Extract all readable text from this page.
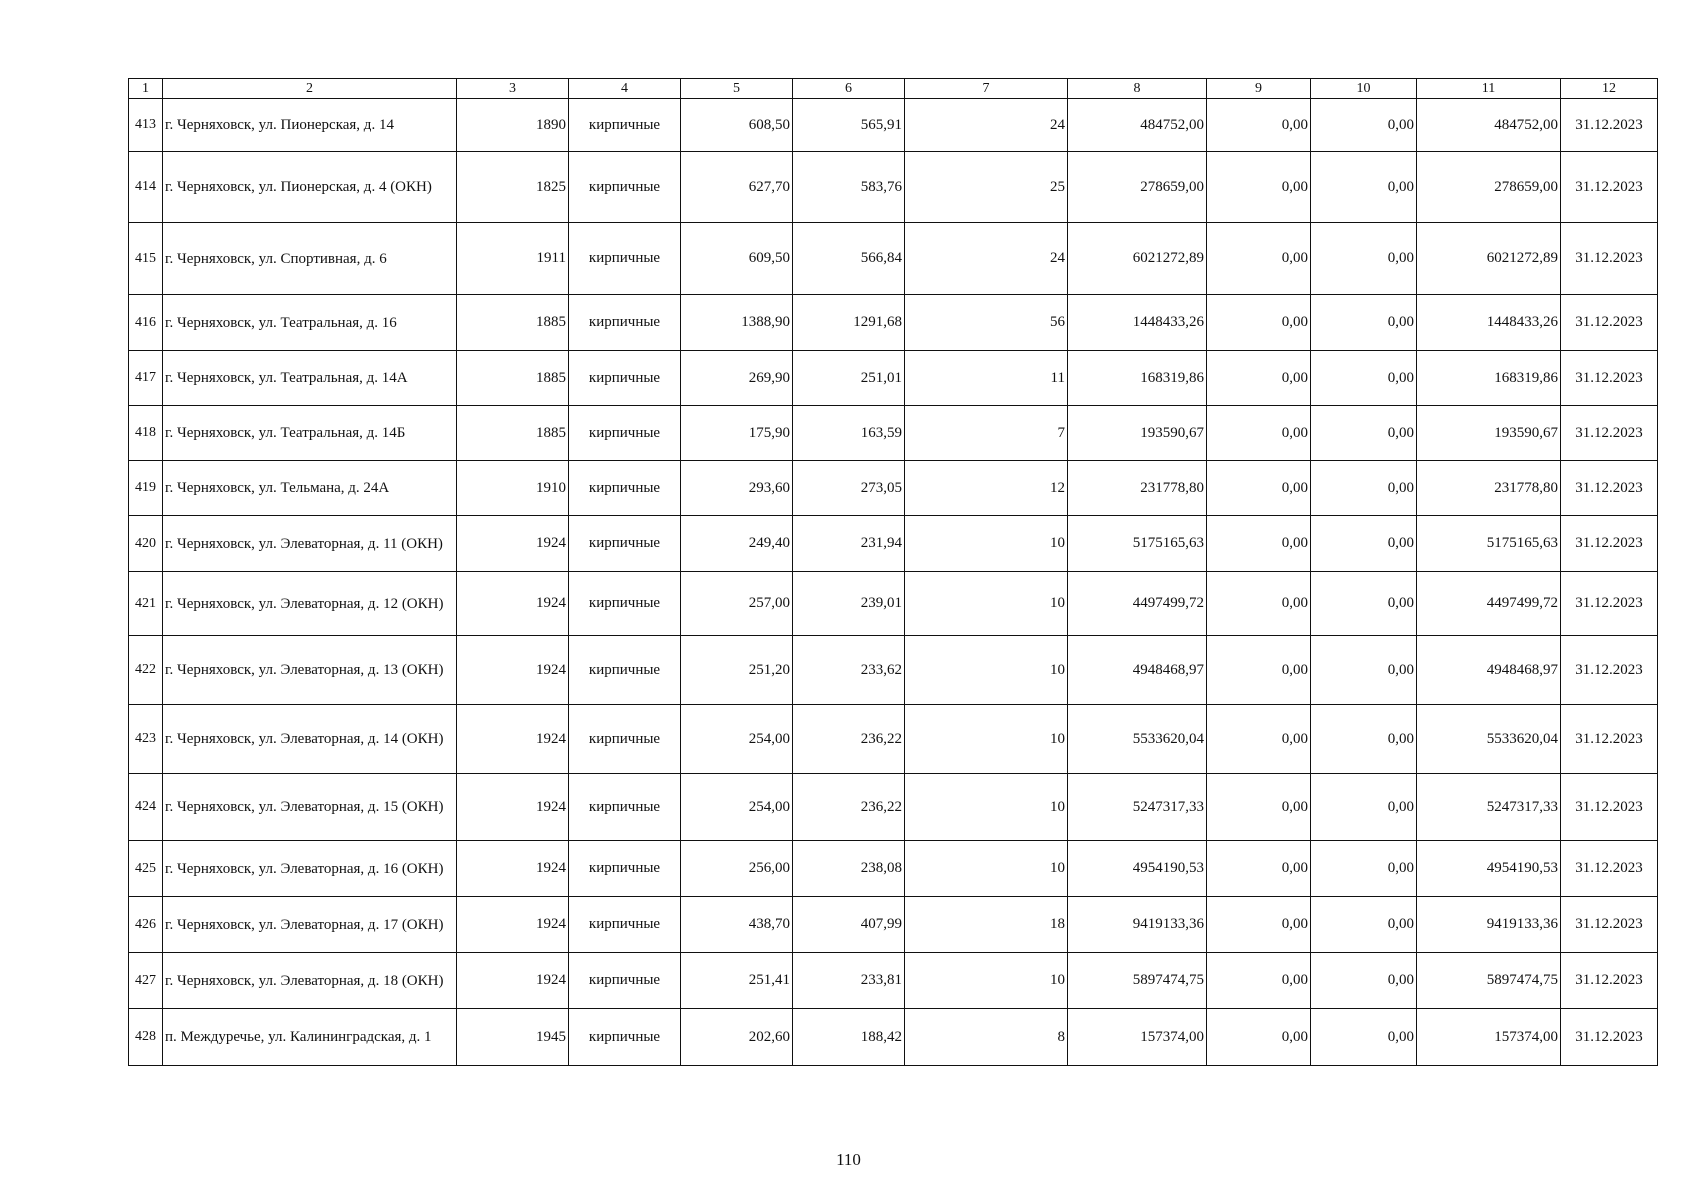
1	2	3	4	5	6	7	8	9	10	11	12
413	г. Черняховск, ул. Пионерская, д. 14	1890	кирпичные	608,50	565,91	24	484752,00	0,00	0,00	484752,00	31.12.2023
414	г. Черняховск, ул. Пионерская, д. 4 (ОКН)	1825	кирпичные	627,70	583,76	25	278659,00	0,00	0,00	278659,00	31.12.2023
415	г. Черняховск, ул. Спортивная, д. 6	1911	кирпичные	609,50	566,84	24	6021272,89	0,00	0,00	6021272,89	31.12.2023
416	г. Черняховск, ул. Театральная, д. 16	1885	кирпичные	1388,90	1291,68	56	1448433,26	0,00	0,00	1448433,26	31.12.2023
417	г. Черняховск, ул. Театральная, д. 14А	1885	кирпичные	269,90	251,01	11	168319,86	0,00	0,00	168319,86	31.12.2023
418	г. Черняховск, ул. Театральная, д. 14Б	1885	кирпичные	175,90	163,59	7	193590,67	0,00	0,00	193590,67	31.12.2023
419	г. Черняховск, ул. Тельмана, д. 24А	1910	кирпичные	293,60	273,05	12	231778,80	0,00	0,00	231778,80	31.12.2023
420	г. Черняховск, ул. Элеваторная, д. 11 (ОКН)	1924	кирпичные	249,40	231,94	10	5175165,63	0,00	0,00	5175165,63	31.12.2023
421	г. Черняховск, ул. Элеваторная, д. 12 (ОКН)	1924	кирпичные	257,00	239,01	10	4497499,72	0,00	0,00	4497499,72	31.12.2023
422	г. Черняховск, ул. Элеваторная, д. 13 (ОКН)	1924	кирпичные	251,20	233,62	10	4948468,97	0,00	0,00	4948468,97	31.12.2023
423	г. Черняховск, ул. Элеваторная, д. 14 (ОКН)	1924	кирпичные	254,00	236,22	10	5533620,04	0,00	0,00	5533620,04	31.12.2023
424	г. Черняховск, ул. Элеваторная, д. 15 (ОКН)	1924	кирпичные	254,00	236,22	10	5247317,33	0,00	0,00	5247317,33	31.12.2023
425	г. Черняховск, ул. Элеваторная, д. 16 (ОКН)	1924	кирпичные	256,00	238,08	10	4954190,53	0,00	0,00	4954190,53	31.12.2023
426	г. Черняховск, ул. Элеваторная, д. 17 (ОКН)	1924	кирпичные	438,70	407,99	18	9419133,36	0,00	0,00	9419133,36	31.12.2023
427	г. Черняховск, ул. Элеваторная, д. 18 (ОКН)	1924	кирпичные	251,41	233,81	10	5897474,75	0,00	0,00	5897474,75	31.12.2023
428	п. Междуречье, ул. Калининградская, д. 1	1945	кирпичные	202,60	188,42	8	157374,00	0,00	0,00	157374,00	31.12.2023
110
